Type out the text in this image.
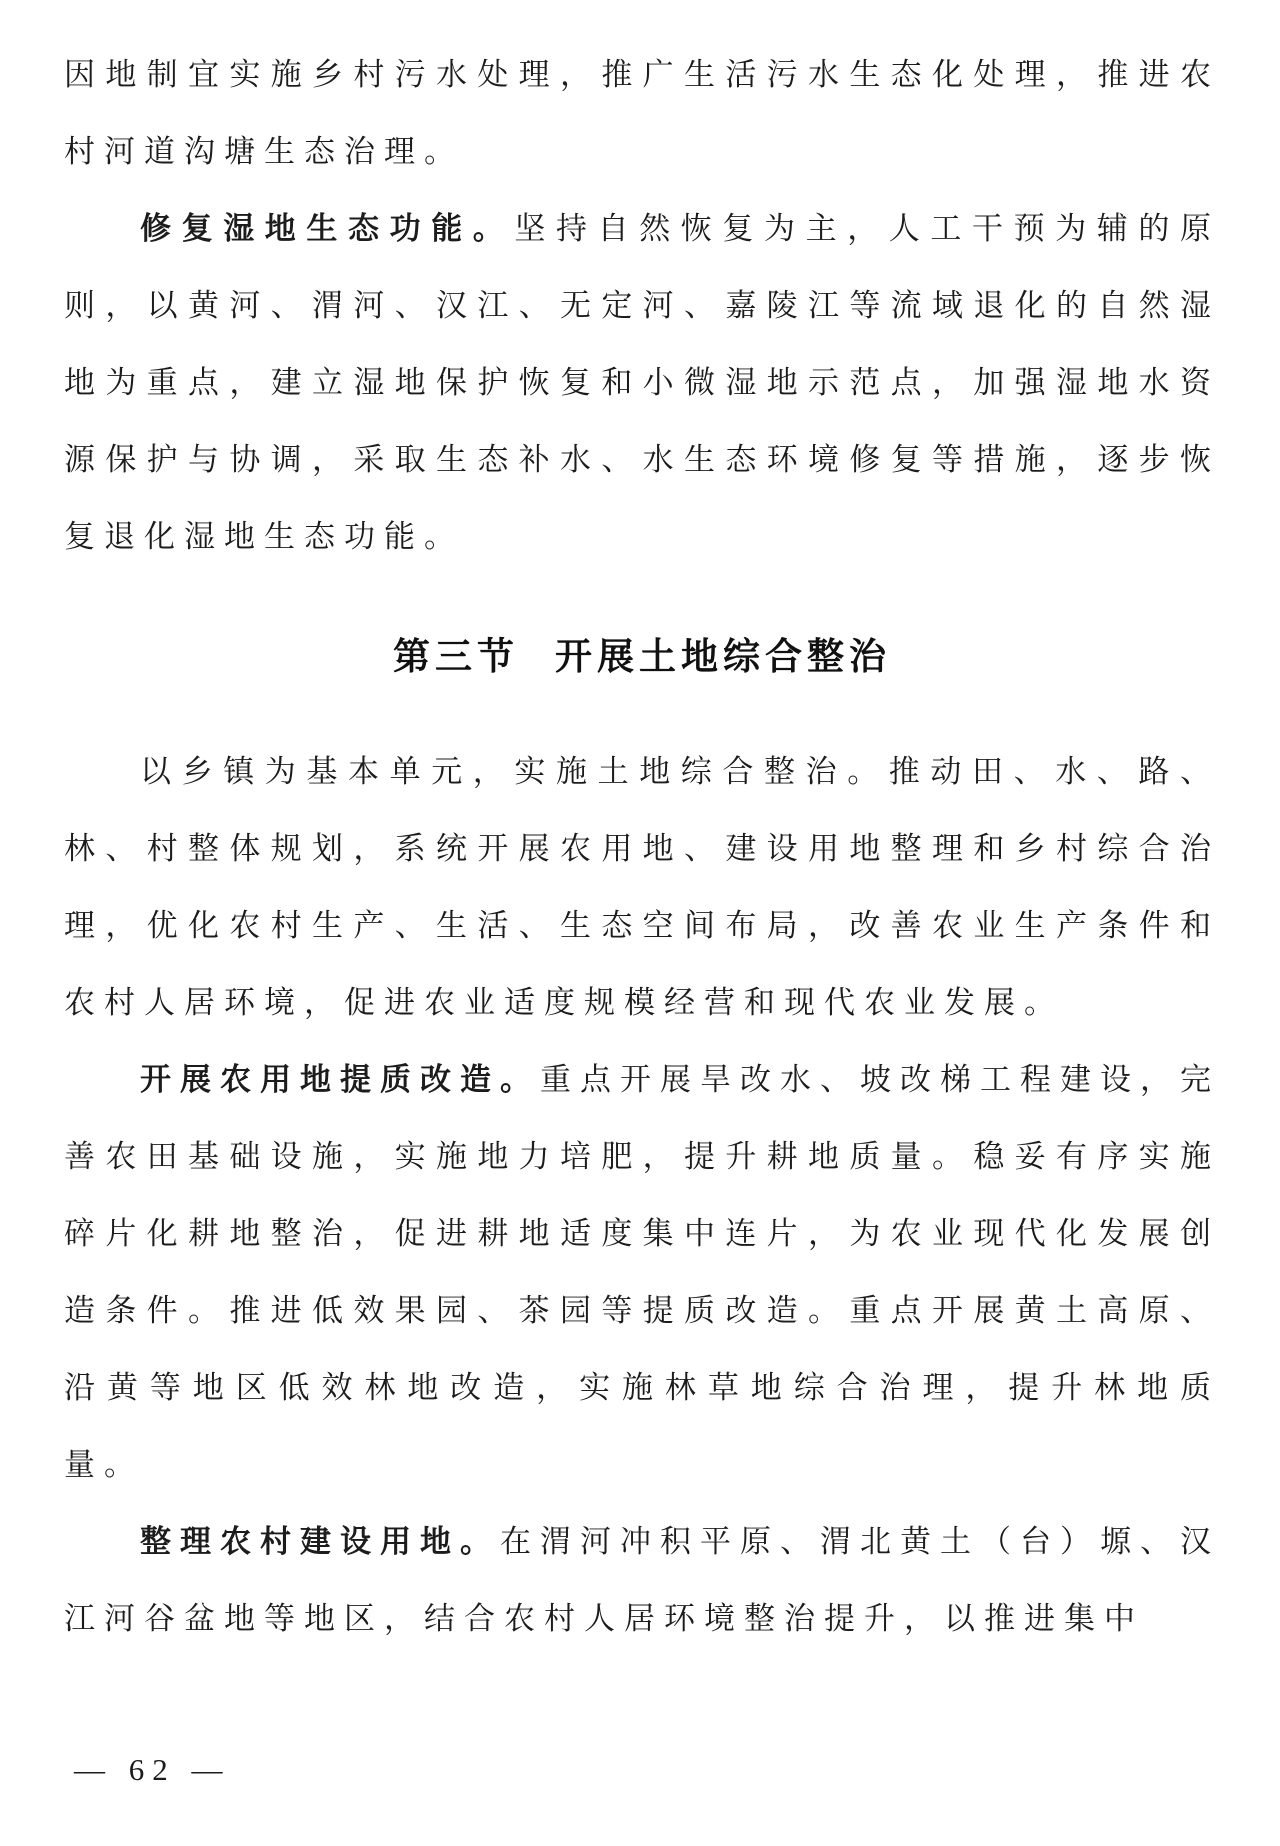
因地制宜实施乡村污水处理，推广生活污水生态化处理，推进农村河道沟塘生态治理。

修复湿地生态功能。坚持自然恢复为主，人工干预为辅的原则，以黄河、渭河、汉江、无定河、嘉陵江等流域退化的自然湿地为重点，建立湿地保护恢复和小微湿地示范点，加强湿地水资源保护与协调，采取生态补水、水生态环境修复等措施，逐步恢复退化湿地生态功能。

第三节 开展土地综合整治

以乡镇为基本单元，实施土地综合整治。推动田、水、路、林、村整体规划，系统开展农用地、建设用地整理和乡村综合治理，优化农村生产、生活、生态空间布局，改善农业生产条件和农村人居环境，促进农业适度规模经营和现代农业发展。

开展农用地提质改造。重点开展旱改水、坡改梯工程建设，完善农田基础设施，实施地力培肥，提升耕地质量。稳妥有序实施碎片化耕地整治，促进耕地适度集中连片，为农业现代化发展创造条件。推进低效果园、茶园等提质改造。重点开展黄土高原、沿黄等地区低效林地改造，实施林草地综合治理，提升林地质量。

整理农村建设用地。在渭河冲积平原、渭北黄土（台）塬、汉江河谷盆地等地区，结合农村人居环境整治提升，以推进集中

— 62 —
